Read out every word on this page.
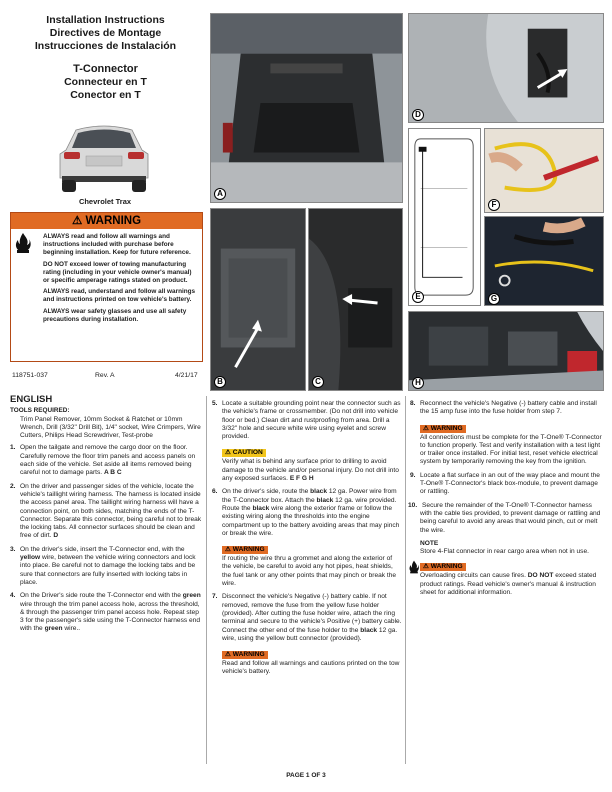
Installation Instructions
Directives de Montage
Instrucciones de Instalación
T-Connector
Connecteur en T
Conector en T
Chevrolet Trax
⚠ WARNING

ALWAYS read and follow all warnings and instructions included with purchase before beginning installation. Keep for future reference.

DO NOT exceed lower of towing manufacturing rating (including in your vehicle owner's manual) or specific amperage ratings stated on product.

ALWAYS read, understand and follow all warnings and instructions printed on tow vehicle's battery.

ALWAYS wear safety glasses and use all safety precautions during installation.

118751-037	Rev. A	4/21/17
A
B	C
D
E
F
G
H
ENGLISH
TOOLS REQUIRED:
Trim Panel Remover, 10mm Socket & Ratchet or 10mm Wrench, Drill (3/32" Drill Bit), 1/4" socket, Wire Crimpers, Wire Cutters, Philips Head Screwdriver, Test-probe
1. Open the tailgate and remove the cargo door on the floor. Carefully remove the floor trim panels and access panels on each side of the vehicle. Set aside all items removed being careful not to damage parts. A B C
2. On the driver and passenger sides of the vehicle, locate the vehicle's taillight wiring harness. The harness is located inside the access panel area. The taillight wiring harness will have a connection point, on both sides, matching the ends of the T-Connector. Separate this connector, being careful not to break the locking tabs. All connector surfaces should be clean and free of dirt. D
3. On the driver's side, insert the T-Connector end, with the yellow wire, between the vehicle wiring connectors and lock into place. Be careful not to damage the locking tabs and be sure that connectors are fully inserted with locking tabs in place.
4. On the Driver's side route the T-Connector end with the green wire through the trim panel access hole, across the threshold, & through the passenger trim panel access hole. Repeat step 3 for the passenger's side using the T-Connector harness end with the green wire..
5. Locate a suitable grounding point near the connector such as the vehicle's frame or crossmember. (Do not drill into vehicle floor or bed.) Clean dirt and rustproofing from area. Drill a 3/32" hole and secure white wire using eyelet and screw provided.
⚠ CAUTION
Verify what is behind any surface prior to drilling to avoid damage to the vehicle and/or personal injury. Do not drill into any exposed surfaces. E F G H
6. On the driver's side, route the black 12 ga. Power wire from the T-Connector box. Attach the black 12 ga. wire provided. Route the black wire along the exterior frame or follow the existing wiring along the thresholds into the engine compartment up to the battery avoiding areas that may pinch or break the wire.
⚠ WARNING
If routing the wire thru a grommet and along the exterior of the vehicle, be careful to avoid any hot pipes, heat shields, the fuel tank or any other points that may pinch or break the wire.
7. Disconnect the vehicle's Negative (-) battery cable. If not removed, remove the fuse from the yellow fuse holder (provided). After cutting the fuse holder wire, attach the ring terminal and secure to the vehicle's Positive (+) battery cable. Connect the other end of the fuse holder to the black 12 ga. wire, using the yellow butt connector (provided).
⚠ WARNING
Read and follow all warnings and cautions printed on the tow vehicle's battery.
8. Reconnect the vehicle's Negative (-) battery cable and install the 15 amp fuse into the fuse holder from step 7.
⚠ WARNING
All connections must be complete for the T-One® T-Connector to function properly. Test and verify installation with a test light or trailer once installed. For initial test, reset vehicle electrical system by temporarily removing the key from the ignition.
9. Locate a flat surface in an out of the way place and mount the T-One® T-Connector's black box-module, to prevent damage or rattling.
10. Secure the remainder of the T-One® T-Connector harness with the cable ties provided, to prevent damage or rattling and being careful to avoid any areas that would pinch, cut or melt the wire.
NOTE
Store 4-Flat connector in rear cargo area when not in use.
⚠ WARNING
Overloading circuits can cause fires. DO NOT exceed stated product ratings. Read vehicle's owner's manual & instruction sheet for additional information.
PAGE 1 OF 3
